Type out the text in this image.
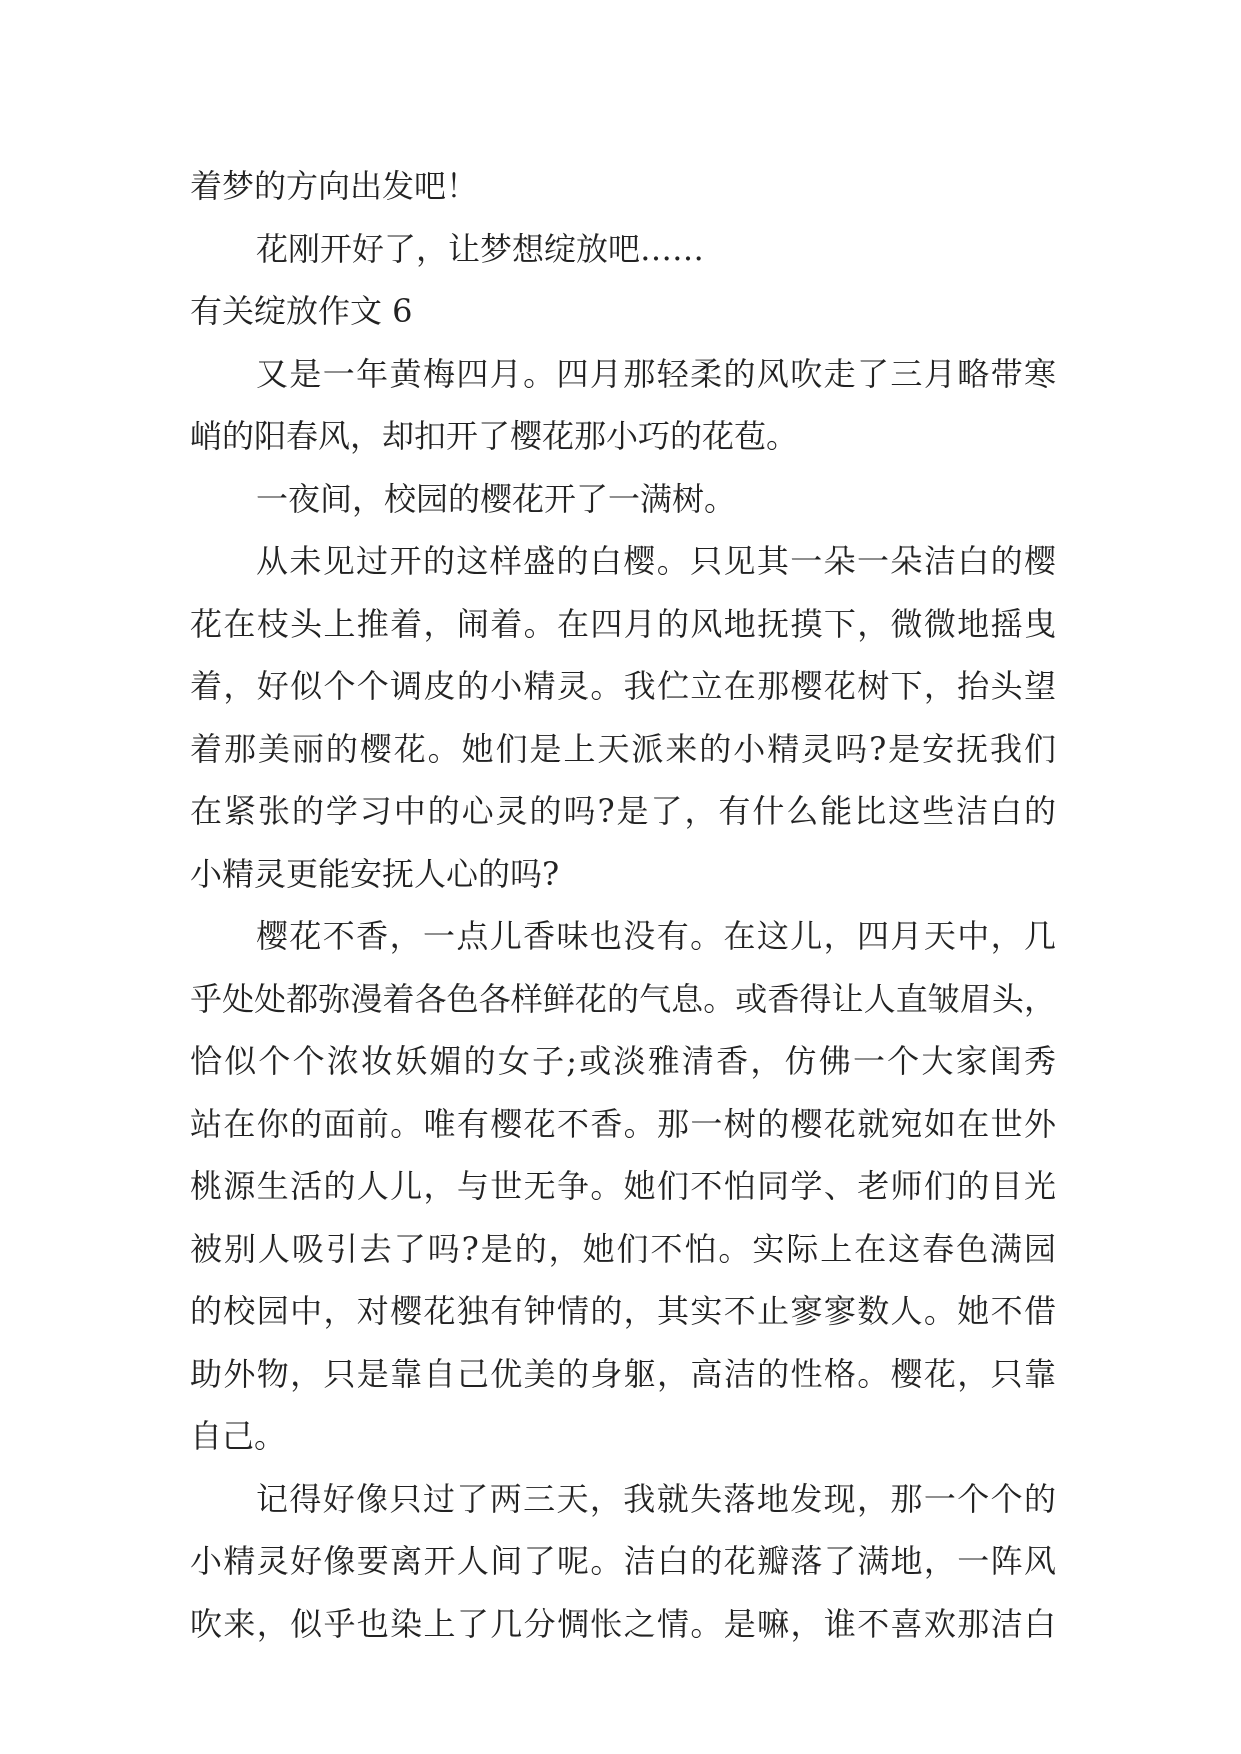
着梦的方向出发吧！
花刚开好了，让梦想绽放吧……
有关绽放作文 6
又是一年黄梅四月。四月那轻柔的风吹走了三月略带寒
峭的阳春风，却扣开了樱花那小巧的花苞。
一夜间，校园的樱花开了一满树。
从未见过开的这样盛的白樱。只见其一朵一朵洁白的樱
花在枝头上推着，闹着。在四月的风地抚摸下，微微地摇曳
着，好似个个调皮的小精灵。我伫立在那樱花树下，抬头望
着那美丽的樱花。她们是上天派来的小精灵吗?是安抚我们
在紧张的学习中的心灵的吗?是了，有什么能比这些洁白的
小精灵更能安抚人心的吗?
樱花不香，一点儿香味也没有。在这儿，四月天中，几
乎处处都弥漫着各色各样鲜花的气息。或香得让人直皱眉头，
恰似个个浓妆妖媚的女子;或淡雅清香，仿佛一个大家闺秀
站在你的面前。唯有樱花不香。那一树的樱花就宛如在世外
桃源生活的人儿，与世无争。她们不怕同学、老师们的目光
被别人吸引去了吗?是的，她们不怕。实际上在这春色满园
的校园中，对樱花独有钟情的，其实不止寥寥数人。她不借
助外物，只是靠自己优美的身躯，高洁的性格。樱花，只靠
自己。
记得好像只过了两三天，我就失落地发现，那一个个的
小精灵好像要离开人间了呢。洁白的花瓣落了满地，一阵风
吹来，似乎也染上了几分惆怅之情。是嘛，谁不喜欢那洁白
